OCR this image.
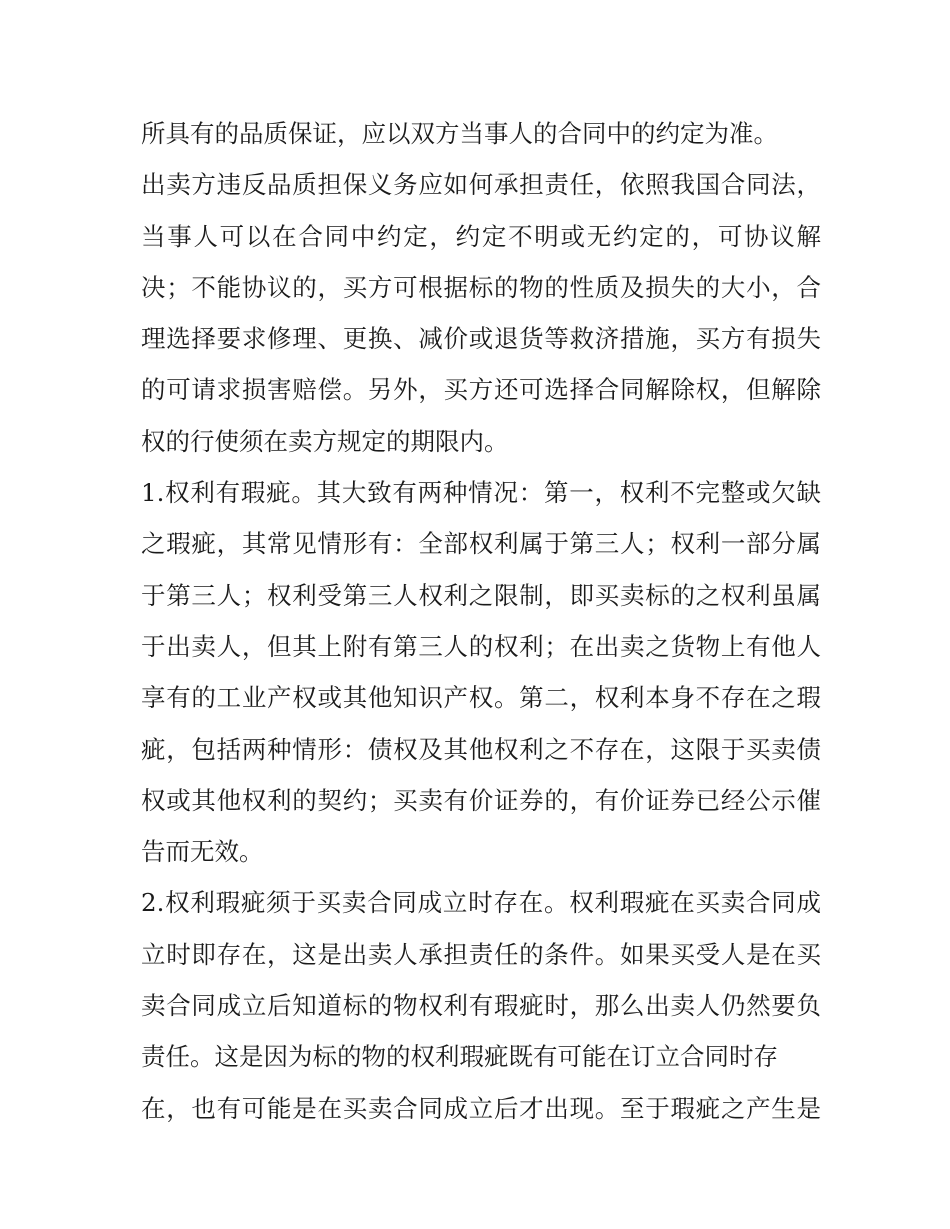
所具有的品质保证，应以双方当事人的合同中的约定为准。
出卖方违反品质担保义务应如何承担责任，依照我国合同法，
当事人可以在合同中约定，约定不明或无约定的，可协议解
决；不能协议的，买方可根据标的物的性质及损失的大小，合
理选择要求修理、更换、减价或退货等救济措施，买方有损失
的可请求损害赔偿。另外，买方还可选择合同解除权，但解除
权的行使须在卖方规定的期限内。
1.权利有瑕疵。其大致有两种情况：第一，权利不完整或欠缺
之瑕疵，其常见情形有：全部权利属于第三人；权利一部分属
于第三人；权利受第三人权利之限制，即买卖标的之权利虽属
于出卖人，但其上附有第三人的权利；在出卖之货物上有他人
享有的工业产权或其他知识产权。第二，权利本身不存在之瑕
疵，包括两种情形：债权及其他权利之不存在，这限于买卖债
权或其他权利的契约；买卖有价证券的，有价证券已经公示催
告而无效。
2.权利瑕疵须于买卖合同成立时存在。权利瑕疵在买卖合同成
立时即存在，这是出卖人承担责任的条件。如果买受人是在买
卖合同成立后知道标的物权利有瑕疵时，那么出卖人仍然要负
责任。这是因为标的物的权利瑕疵既有可能在订立合同时存
在，也有可能是在买卖合同成立后才出现。至于瑕疵之产生是
